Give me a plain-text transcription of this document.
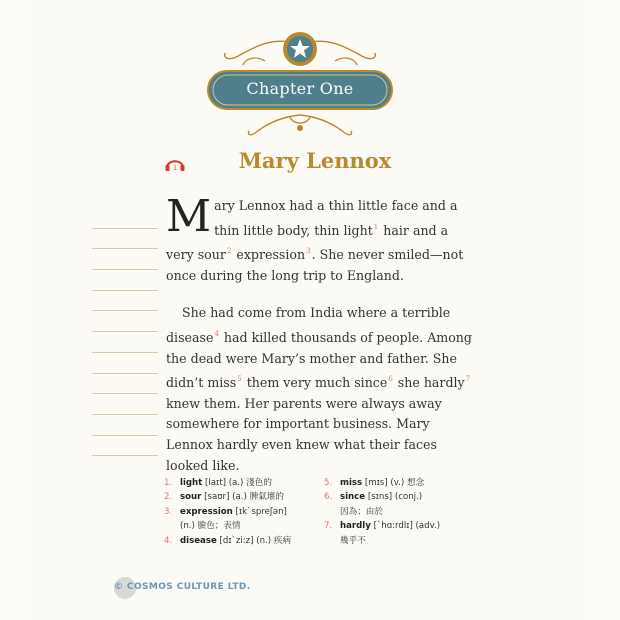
Chapter One
1	Mary Lennox

Mary Lennox had a thin little face and a thin little body, thin light$^1$ hair and a very sour$^2$ expression$^3$. She never smiled—not once during the long trip to England.

She had come from India where a terrible disease$^4$ had killed thousands of people. Among the dead were Mary’s mother and father. She didn’t miss$^5$ them very much since$^6$ she hardly$^7$ knew them. Her parents were always away somewhere for important business. Mary Lennox hardly even knew what their faces looked like.

1. light [laɪt] (a.) 淺色的
2. sour [saʊr] (a.) 脾氣壞的
3. expression [ɪk`spreʃən]
(n.) 臉色；表情
4. disease [dɪ`zi:z] (n.) 疾病
5. miss [mɪs] (v.) 想念
6. since [sɪns] (conj.)
因為；由於
7. hardly [`hɑ:rdlɪ] (adv.)
幾乎不
© COSMOS CULTURE LTD.
